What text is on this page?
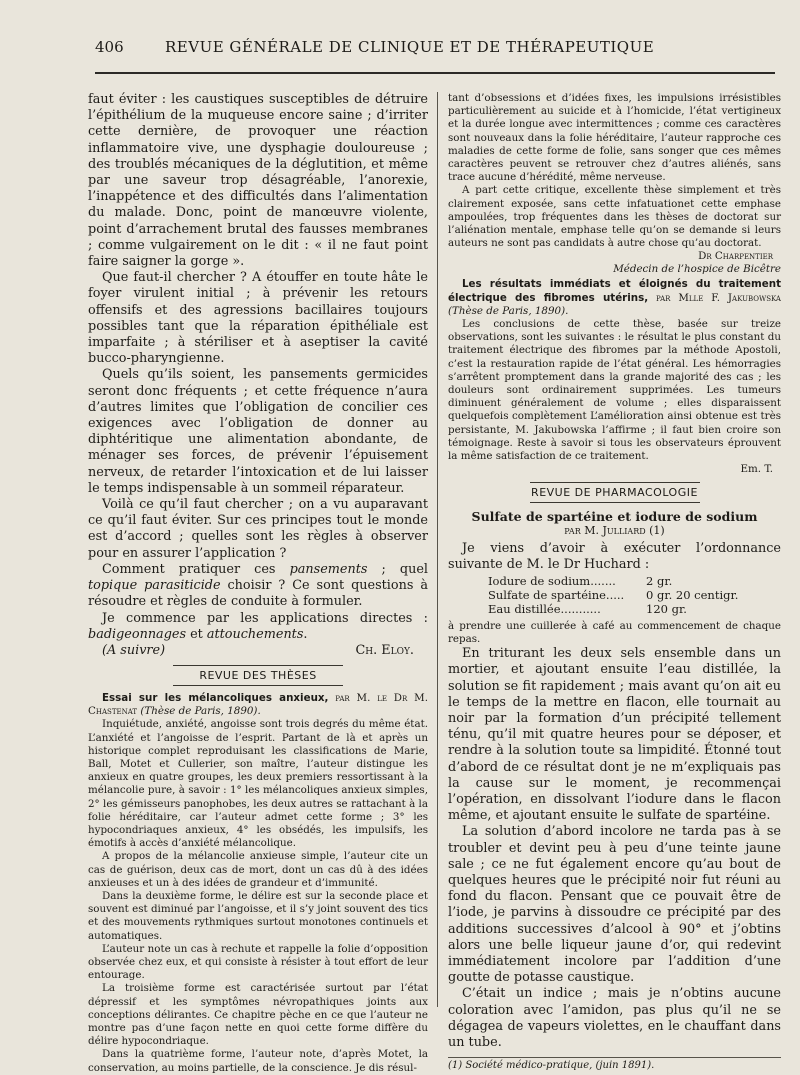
406	REVUE GÉNÉRALE DE CLINIQUE ET DE THÉRAPEUTIQUE

faut éviter : les caustiques susceptibles de détruire l’épithélium de la muqueuse encore saine ; d’irriter cette dernière, de provoquer une réaction inflammatoire vive, une dysphagie douloureuse ; des troublés mécaniques de la déglutition, et même par une saveur trop désagréable, l’anorexie, l’inappétence et des difficultés dans l’alimentation du malade. Donc, point de manœuvre violente, point d’arrachement brutal des fausses membranes ; comme vulgairement on le dit : « il ne faut point faire saigner la gorge ».

Que faut-il chercher ? A étouffer en toute hâte le foyer virulent initial ; à prévenir les retours offensifs et des agressions bacillaires toujours possibles tant que la réparation épithéliale est imparfaite ; à stériliser et à aseptiser la cavité bucco-pharyngienne.

Quels qu’ils soient, les pansements germicides seront donc fréquents ; et cette fréquence n’aura d’autres limites que l’obligation de concilier ces exigences avec l’obligation de donner au diphtéritique une alimentation abondante, de ménager ses forces, de prévenir l’épuisement nerveux, de retarder l’intoxication et de lui laisser le temps indispensable à un sommeil réparateur.

Voilà ce qu’il faut chercher ; on a vu auparavant ce qu’il faut éviter. Sur ces principes tout le monde est d’accord ; quelles sont les règles à observer pour en assurer l’application ?

Comment pratiquer ces pansements ; quel topique parasiticide choisir ? Ce sont questions à résoudre et règles de conduite à formuler.

Je commence par les applications directes : badigeonnages et attouchements.

(A suivre)	Ch. Eloy.
REVUE DES THÈSES

Essai sur les mélancoliques anxieux, par M. le Dr M. Chastenat (Thèse de Paris, 1890).

Inquiétude, anxiété, angoisse sont trois degrés du même état. L’anxiété et l’angoisse de l’esprit. Partant de là et après un historique complet reproduisant les classifications de Marie, Ball, Motet et Cullerier, son maître, l’auteur distingue les anxieux en quatre groupes, les deux premiers ressortissant à la mélancolie pure, à savoir : 1° les mélancoliques anxieux simples, 2° les gémisseurs panophobes, les deux autres se rattachant à la folie héréditaire, car l’auteur admet cette forme ; 3° les hypocondriaques anxieux, 4° les obsédés, les impulsifs, les émotifs à accès d’anxiété mélancolique.

A propos de la mélancolie anxieuse simple, l’auteur cite un cas de guérison, deux cas de mort, dont un cas dû à des idées anxieuses et un à des idées de grandeur et d’immunité.

Dans la deuxième forme, le délire est sur la seconde place et souvent est diminué par l’angoisse, et il s’y joint souvent des tics et des mouvements rythmiques surtout monotones continuels et automatiques.

L’auteur note un cas à rechute et rappelle la folie d’opposition observée chez eux, et qui consiste à résister à tout effort de leur entourage.

La troisième forme est caractérisée surtout par l’état dépressif et les symptômes névropathiques joints aux conceptions délirantes. Ce chapitre pèche en ce que l’auteur ne montre pas d’une façon nette en quoi cette forme diffère du délire hypocondriaque.

Dans la quatrième forme, l’auteur note, d’après Motet, la conservation, au moins partielle, de la conscience. Je dis résul-

tant d’obsessions et d’idées fixes, les impulsions irrésistibles particulièrement au suicide et à l’homicide, l’état vertigineux et la durée longue avec intermittences ; comme ces caractères sont nouveaux dans la folie héréditaire, l’auteur rapproche ces maladies de cette forme de folie, sans songer que ces mêmes caractères peuvent se retrouver chez d’autres aliénés, sans trace aucune d’hérédité, même nerveuse.

A part cette critique, excellente thèse simplement et très clairement exposée, sans cette infatuationet cette emphase ampoulées, trop fréquentes dans les thèses de doctorat sur l’aliénation mentale, emphase telle qu’on se demande si leurs auteurs ne sont pas candidats à autre chose qu’au doctorat.

Dr Charpentier

Médecin de l’hospice de Bicêtre

Les résultats immédiats et éloignés du traitement électrique des fibromes utérins, par Mlle F. Jakubowska (Thèse de Paris, 1890).

Les conclusions de cette thèse, basée sur treize observations, sont les suivantes : le résultat le plus constant du traitement électrique des fibromes par la méthode Apostoli, c’est la restauration rapide de l’état général. Les hémorragies s’arrêtent promptement dans la grande majorité des cas ; les douleurs sont ordinairement supprimées. Les tumeurs diminuent généralement de volume ; elles disparaissent quelquefois complètement L’amélioration ainsi obtenue est très persistante, M. Jakubowska l’affirme ; il faut bien croire son témoignage. Reste à savoir si tous les observateurs éprouvent la même satisfaction de ce traitement.

Em. T.

REVUE DE PHARMACOLOGIE

Sulfate de spartéine et iodure de sodium

par M. Julliard (1)

Je viens d’avoir à exécuter l’ordonnance suivante de M. le Dr Huchard :

Iodure de sodium.......	2 gr.
Sulfate de spartéine.....	0 gr. 20 centigr.
Eau distillée...........	120 gr.

à prendre une cuillerée à café au commencement de chaque repas.

En triturant les deux sels ensemble dans un mortier, et ajoutant ensuite l’eau distillée, la solution se fit rapidement ; mais avant qu’on ait eu le temps de la mettre en flacon, elle tournait au noir par la formation d’un précipité tellement ténu, qu’il mit quatre heures pour se déposer, et rendre à la solution toute sa limpidité. Étonné tout d’abord de ce résultat dont je ne m’expliquais pas la cause sur le moment, je recommençai l’opération, en dissolvant l’iodure dans le flacon même, et ajoutant ensuite le sulfate de spartéine.

La solution d’abord incolore ne tarda pas à se troubler et devint peu à peu d’une teinte jaune sale ; ce ne fut également encore qu’au bout de quelques heures que le précipité noir fut réuni au fond du flacon. Pensant que ce pouvait être de l’iode, je parvins à dissoudre ce précipité par des additions successives d’alcool à 90° et j’obtins alors une belle liqueur jaune d’or, qui redevint immédiatement incolore par l’addition d’une goutte de potasse caustique.

C’était un indice ; mais je n’obtins aucune coloration avec l’amidon, pas plus qu’il ne se dégagea de vapeurs violettes, en le chauffant dans un tube.

(1) Société médico-pratique, (juin 1891).
